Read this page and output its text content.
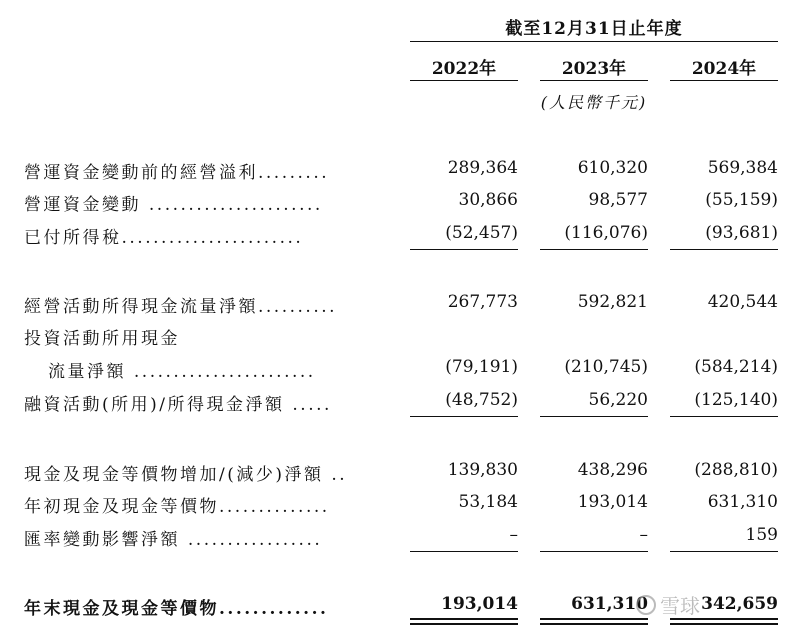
截至12月31日止年度
2022年	2023年	2024年
(人民幣千元)
營運資金變動前的經營溢利.........	289,364	610,320	569,384
營運資金變動 ......................	30,866	98,577	(55,159)
已付所得稅.......................	(52,457)	(116,076)	(93,681)
經營活動所得現金流量淨額..........	267,773	592,821	420,544
投資活動所用現金
流量淨額 .......................	(79,191)	(210,745)	(584,214)
融資活動(所用)/所得現金淨額 .....	(48,752)	56,220	(125,140)
現金及現金等價物增加/(減少)淨額 ..	139,830	438,296	(288,810)
年初現金及現金等價物..............	53,184	193,014	631,310
匯率變動影響淨額 .................	–	–	159
年末現金及現金等價物.............	193,014	631,310	342,659
雪球
